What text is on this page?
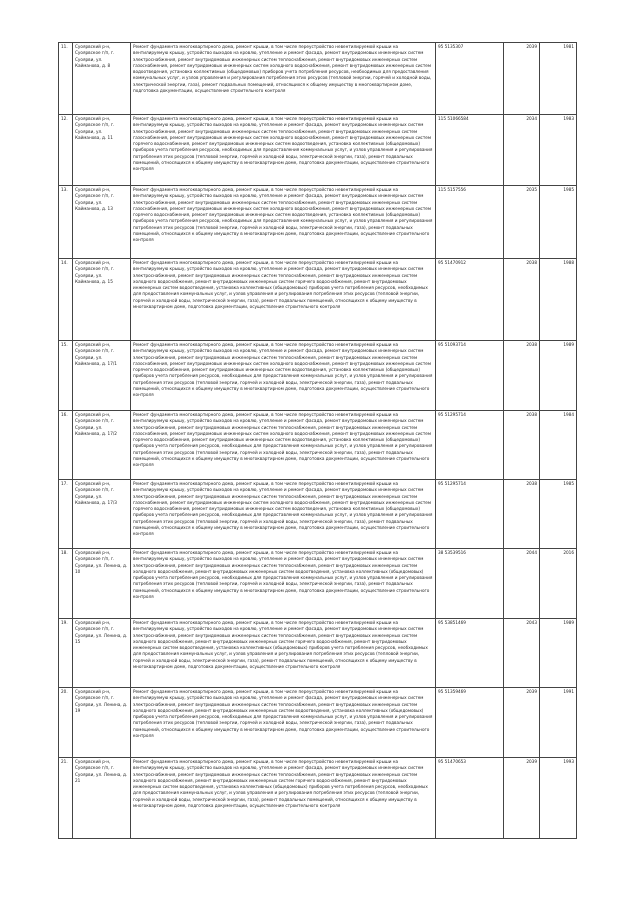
11.	Суоярвский р-н, Суоярвское г/п, г. Суоярви, ул. Кайманова, д. 8	Ремонт фундамента многоквартирного дома, ремонт крыши, в том числе переустройство невентилируемой крыши на вентилируемую крышу, устройство выходов на кровлю, утепление и ремонт фасада, ремонт внутридомовых инженерных систем электроснабжения, ремонт внутридомовых инженерных систем теплоснабжения, ремонт внутридомовых инженерных систем газоснабжения, ремонт внутридомовых инженерных систем холодного водоснабжения, ремонт внутридомовых инженерных систем водоотведения, установка коллективных (общедомовых) приборов учета потребления ресурсов, необходимых для предоставления коммунальных услуг, и узлов управления и регулирования потребления этих ресурсов (тепловой энергии, горячей и холодной воды, электрической энергии, газа), ремонт подвальных помещений, относящихся к общему имуществу в многоквартирном доме, подготовка документации, осуществление строительного контроля	95 5135307	2039	1981
12.	Суоярвский р-н, Суоярвское г/п, г. Суоярви, ул. Кайманова, д. 11	Ремонт фундамента многоквартирного дома, ремонт крыши, в том числе переустройство невентилируемой крыши на вентилируемую крышу, устройство выходов на кровлю, утепление и ремонт фасада, ремонт внутридомовых инженерных систем электроснабжения, ремонт внутридомовых инженерных систем теплоснабжения, ремонт внутридомовых инженерных систем газоснабжения, ремонт внутридомовых инженерных систем холодного водоснабжения, ремонт внутридомовых инженерных систем горячего водоснабжения, ремонт внутридомовых инженерных систем водоотведения, установка коллективных (общедомовых) приборов учета потребления ресурсов, необходимых для предоставления коммунальных услуг, и узлов управления и регулирования потребления этих ресурсов (тепловой энергии, горячей и холодной воды, электрической энергии, газа), ремонт подвальных помещений, относящихся к общему имуществу в многоквартирном доме, подготовка документации, осуществление строительного контроля	115 51066584	2034	1983
13.	Суоярвский р-н, Суоярвское г/п, г. Суоярви, ул. Кайманова, д. 13	Ремонт фундамента многоквартирного дома, ремонт крыши, в том числе переустройство невентилируемой крыши на вентилируемую крышу, устройство выходов на кровлю, утепление и ремонт фасада, ремонт внутридомовых инженерных систем электроснабжения, ремонт внутридомовых инженерных систем теплоснабжения, ремонт внутридомовых инженерных систем газоснабжения, ремонт внутридомовых инженерных систем холодного водоснабжения, ремонт внутридомовых инженерных систем горячего водоснабжения, ремонт внутридомовых инженерных систем водоотведения, установка коллективных (общедомовых) приборов учета потребления ресурсов, необходимых для предоставления коммунальных услуг, и узлов управления и регулирования потребления этих ресурсов (тепловой энергии, горячей и холодной воды, электрической энергии, газа), ремонт подвальных помещений, относящихся к общему имуществу в многоквартирном доме, подготовка документации, осуществление строительного контроля	115 5157556	2035	1985
14.	Суоярвский р-н, Суоярвское г/п, г. Суоярви, ул. Кайманова, д. 15	Ремонт фундамента многоквартирного дома, ремонт крыши, в том числе переустройство невентилируемой крыши на вентилируемую крышу, устройство выходов на кровлю, утепление и ремонт фасада, ремонт внутридомовых инженерных систем электроснабжения, ремонт внутридомовых инженерных систем теплоснабжения, ремонт внутридомовых инженерных систем холодного водоснабжения, ремонт внутридомовых инженерных систем горячего водоснабжения, ремонт внутридомовых инженерных систем водоотведения, установка коллективных (общедомовых) приборов учета потребления ресурсов, необходимых для предоставления коммунальных услуг, и узлов управления и регулирования потребления этих ресурсов (тепловой энергии, горячей и холодной воды, электрической энергии, газа), ремонт подвальных помещений, относящихся к общему имуществу в многоквартирном доме, подготовка документации, осуществление строительного контроля	95 51470912	2038	1988
15.	Суоярвский р-н, Суоярвское г/п, г. Суоярви, ул. Кайманова, д. 17/1	Ремонт фундамента многоквартирного дома, ремонт крыши, в том числе переустройство невентилируемой крыши на вентилируемую крышу, устройство выходов на кровлю, утепление и ремонт фасада, ремонт внутридомовых инженерных систем электроснабжения, ремонт внутридомовых инженерных систем теплоснабжения, ремонт внутридомовых инженерных систем газоснабжения, ремонт внутридомовых инженерных систем холодного водоснабжения, ремонт внутридомовых инженерных систем горячего водоснабжения, ремонт внутридомовых инженерных систем водоотведения, установка коллективных (общедомовых) приборов учета потребления ресурсов, необходимых для предоставления коммунальных услуг, и узлов управления и регулирования потребления этих ресурсов (тепловой энергии, горячей и холодной воды, электрической энергии, газа), ремонт подвальных помещений, относящихся к общему имуществу в многоквартирном доме, подготовка документации, осуществление строительного контроля	95 51093714	2038	1989
16.	Суоярвский р-н, Суоярвское г/п, г. Суоярви, ул. Кайманова, д. 17/2	Ремонт фундамента многоквартирного дома, ремонт крыши, в том числе переустройство невентилируемой крыши на вентилируемую крышу, устройство выходов на кровлю, утепление и ремонт фасада, ремонт внутридомовых инженерных систем электроснабжения, ремонт внутридомовых инженерных систем теплоснабжения, ремонт внутридомовых инженерных систем газоснабжения, ремонт внутридомовых инженерных систем холодного водоснабжения, ремонт внутридомовых инженерных систем горячего водоснабжения, ремонт внутридомовых инженерных систем водоотведения, установка коллективных (общедомовых) приборов учета потребления ресурсов, необходимых для предоставления коммунальных услуг, и узлов управления и регулирования потребления этих ресурсов (тепловой энергии, горячей и холодной воды, электрической энергии, газа), ремонт подвальных помещений, относящихся к общему имуществу в многоквартирном доме, подготовка документации, осуществление строительного контроля	95 51295714	2038	1984
17.	Суоярвский р-н, Суоярвское г/п, г. Суоярви, ул. Кайманова, д. 17/3	Ремонт фундамента многоквартирного дома, ремонт крыши, в том числе переустройство невентилируемой крыши на вентилируемую крышу, устройство выходов на кровлю, утепление и ремонт фасада, ремонт внутридомовых инженерных систем электроснабжения, ремонт внутридомовых инженерных систем теплоснабжения, ремонт внутридомовых инженерных систем газоснабжения, ремонт внутридомовых инженерных систем холодного водоснабжения, ремонт внутридомовых инженерных систем горячего водоснабжения, ремонт внутридомовых инженерных систем водоотведения, установка коллективных (общедомовых) приборов учета потребления ресурсов, необходимых для предоставления коммунальных услуг, и узлов управления и регулирования потребления этих ресурсов (тепловой энергии, горячей и холодной воды, электрической энергии, газа), ремонт подвальных помещений, относящихся к общему имуществу в многоквартирном доме, подготовка документации, осуществление строительного контроля	95 51295714	2038	1985
18.	Суоярвский р-н, Суоярвское г/п, г. Суоярви, ул. Ленина, д. 10	Ремонт фундамента многоквартирного дома, ремонт крыши, в том числе переустройство невентилируемой крыши на вентилируемую крышу, устройство выходов на кровлю, утепление и ремонт фасада, ремонт внутридомовых инженерных систем электроснабжения, ремонт внутридомовых инженерных систем теплоснабжения, ремонт внутридомовых инженерных систем холодного водоснабжения, ремонт внутридомовых инженерных систем водоотведения, установка коллективных (общедомовых) приборов учета потребления ресурсов, необходимых для предоставления коммунальных услуг, и узлов управления и регулирования потребления этих ресурсов (тепловой энергии, горячей и холодной воды, электрической энергии, газа), ремонт подвальных помещений, относящихся к общему имуществу в многоквартирном доме, подготовка документации, осуществление строительного контроля	38 53539516	2044	2016
19.	Суоярвский р-н, Суоярвское г/п, г. Суоярви, ул. Ленина, д. 15	Ремонт фундамента многоквартирного дома, ремонт крыши, в том числе переустройство невентилируемой крыши на вентилируемую крышу, устройство выходов на кровлю, утепление и ремонт фасада, ремонт внутридомовых инженерных систем электроснабжения, ремонт внутридомовых инженерных систем теплоснабжения, ремонт внутридомовых инженерных систем холодного водоснабжения, ремонт внутридомовых инженерных систем горячего водоснабжения, ремонт внутридомовых инженерных систем водоотведения, установка коллективных (общедомовых) приборов учета потребления ресурсов, необходимых для предоставления коммунальных услуг, и узлов управления и регулирования потребления этих ресурсов (тепловой энергии, горячей и холодной воды, электрической энергии, газа), ремонт подвальных помещений, относящихся к общему имуществу в многоквартирном доме, подготовка документации, осуществление строительного контроля	95 53851469	2043	1989
20.	Суоярвский р-н, Суоярвское г/п, г. Суоярви, ул. Ленина, д. 19	Ремонт фундамента многоквартирного дома, ремонт крыши, в том числе переустройство невентилируемой крыши на вентилируемую крышу, устройство выходов на кровлю, утепление и ремонт фасада, ремонт внутридомовых инженерных систем электроснабжения, ремонт внутридомовых инженерных систем теплоснабжения, ремонт внутридомовых инженерных систем холодного водоснабжения, ремонт внутридомовых инженерных систем водоотведения, установка коллективных (общедомовых) приборов учета потребления ресурсов, необходимых для предоставления коммунальных услуг, и узлов управления и регулирования потребления этих ресурсов (тепловой энергии, горячей и холодной воды, электрической энергии, газа), ремонт подвальных помещений, относящихся к общему имуществу в многоквартирном доме, подготовка документации, осуществление строительного контроля	95 51359469	2039	1991
21.	Суоярвский р-н, Суоярвское г/п, г. Суоярви, ул. Ленина, д. 21	Ремонт фундамента многоквартирного дома, ремонт крыши, в том числе переустройство невентилируемой крыши на вентилируемую крышу, устройство выходов на кровлю, утепление и ремонт фасада, ремонт внутридомовых инженерных систем электроснабжения, ремонт внутридомовых инженерных систем теплоснабжения, ремонт внутридомовых инженерных систем холодного водоснабжения, ремонт внутридомовых инженерных систем горячего водоснабжения, ремонт внутридомовых инженерных систем водоотведения, установка коллективных (общедомовых) приборов учета потребления ресурсов, необходимых для предоставления коммунальных услуг, и узлов управления и регулирования потребления этих ресурсов (тепловой энергии, горячей и холодной воды, электрической энергии, газа), ремонт подвальных помещений, относящихся к общему имуществу в многоквартирном доме, подготовка документации, осуществление строительного контроля	95 51470653	2039	1993
